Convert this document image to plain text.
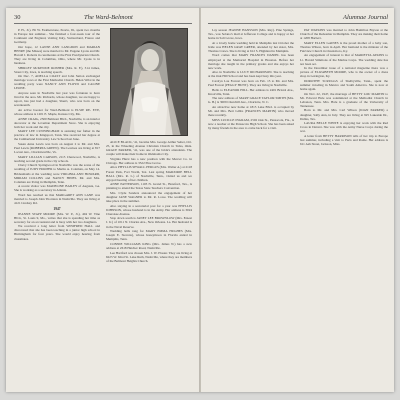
30	The Ward-Belmont	Alumnae Journal

P. H., Jr.). Eli W. Featherstone, Peoria, Ill., spent two months in Europe last summer... She finished a four-week tour of the Continent and England, visiting Italy, Switzerland, France and Germany.

Our hope, 12 LANSE ANN LANGDON and MARIAN HENRY (the Misses) were married to Mr. Eugene Lyons and Mr. Harold J. Roberts in ceremonies at the First Presbyterian Church. They are living in Columbus, Ohio, where Mr. Lyons is in business.

SHIRLEY McKENZIE ROSHER (Mrs. R. F.), 314 James, Sioux City, Iowa, is teaching speech.

On Dec. 7, ADELLA COAST and John Sutton exchanged marriage vows at the First Methodist Church. Helen Wrist in the wedding party were NANCY ANN FLOYD and CALINE LEONE.

Anyone seen in Nashville last year was fortunate to have lived in the area. Mr. Richards, whose daughter, we are happy to report, has just had a daughter, Sherri, who was born on the seventeenth.

An active booster for Ward-Belmont is ELSIE RE- EVE, whose address is 1201 E. Maple, Kansas City, Mo.

ANNE CRAIG, 2500 Belmont Blvd., Nashville, is an interior decorator at the Loveman Department Store. She is enjoying both her work and the city.

MARY LEE CUNNINGHAM is assisting her father in the practice of law in Kingsport, Tenn. She received her degree at the Cumberland University Law School last June.

Susan Anne Lewis was born on August 2 to Mr. and Mrs. Paul Lewis (ROBERTA GREEN). The Lewises are living at 817 Locust Ave., Charlottesville, Va.

MARY LILLIAN CARSON, 2115 Cheswood, Nashville, is teaching second grade in the city schools.

Chevy Church Springwood in Nashville was the scene of the wedding of JUDY HOOPER to Martin A. Coleman, on May 14. Bridesmaids at the wedding were VIRGINIA ANN HOWARD, MIRIAM COLLINS and NANCY HINES. Mr. and Mrs. Coleman are living in Memphis, Tenn.

A recent visitor was MADELINE BAILEY of Augusta, Ga. She is working as a secretary in Atlanta.

Word has reached us that MARGARET ANN LANE was married to Joseph John Thornton in Nashville. They are living at 4121 Lindsay Rd.

1947

JEANNE STAPP MOORE (Mrs. W. P., Jr.), 404 W. Vine Blvd., St. Louis 9, Mo., writes that she is spending her time as secretary for an accountant and is busy with her two daughters.

We received a long letter from WINIFRED HALL and discovered that she has been teaching in a junior high school in Birmingham for four years. She would enjoy hearing from classmates.

ALICE BLACK, '41, became Mrs. George Arthur Seiter, Oct. 25, in the Wheeling Avenue Christian Church in Tulsa, Okla. GRACE PARKER, '41, was one of the bride's attendants. The couple will make their home in Oklahoma City.

Virginia Hurst has a new position with the Mercer Co. in Chicago. Her address is 3522 Pine Grove.

Alice PHYLLIS SEWALL PERGUS (Mrs. Walter A.) at 2118 Forest Park, Fort Worth, Tex. Last spring MARJORIE BELL HALL (Mrs. R. L.) of Nashville, Tenn., visited us and we enjoyed hearing of her children.

ANNE PATTERSON, 1103 N. Grand St., Hereford, Tex., is planning to attend the Texas State Teachers Convention.

Mrs. Clyde Sanders announced the engagement of her daughter JANE WAGNER to Mr. R. Lowe. The wedding will take place in the summer.

Also staying in a secretarial post for a year was PHYLLIS JOHNSON, whose husband is in the Army. Her address is 3024 Cherokee Avenue.

Stop down south is JANET LEE BROWNLOW (Mrs. Ernest J. Jr.) of 1011 N. Charles Ave., New Orleans. La. Her husband is in the Naval Reserve.

Wedding bells rang for MARY EMMA HUGHES (Mrs. Joseph E. Stevens), whose honeymoon in Florida ended in Memphis, Tenn.

CONNIE WILLIAMS KING (Mrs. James N.) has a new address at 2618 Hatcher Road, Nashville.

Lee Hartford was chosen Mrs. J. W. Plaster. They are living at 6225 W. 62nd St. Lake Ruth, Nashville, where they are members of the Belmont Heights Church.

Lay season JEANNE HANSSON (Mrs. Ray). Pine Springs, Tex., was Solano's mail at Jefferson College and is happy at her home in Salt Grove, Iowa.

At a lovely home wedding held in Memphis last October the bride was HELEN GRAY GREER, attended by her sister, Mrs. Thomas Crews. She is living at 612 S. Highland in Memphis.

Word comes that MARY FRANCES DANIEL has been employed at the Memorial Hospital in Houston. Before her marriage she taught in the primary grades and she enjoys her new work.

Also in Nashville is LUCY RICHARDSON. She is teaching at the Oak Hill School and has been kept busy this year.

Carolyn Lou Forrest was born on Feb. 15 to Mr. and Mrs. Paul Forrest (PEGGY HUNT). They are living in Nashville.

Hello to ELEANOR HILL. Her address is 2401 Bristol Ave., Knoxville, Tenn.

The new address of MARY GRACE TAYLOR SMITH (Mrs. G. B.) is 3009 Churchill Ave., Charlotte, N. C.

An attractive new home at 1815 Lake Blvd. is occupied by Mr. and Mrs. Bert Gibbs (FRANCES MARTIN) who moved there recently.

MISS LUCILLE INGRAM, 2502 Oak St., Pensacola, Fla., is now a teacher at the Pensacola High School. She has been asked by many friends in the area to come back for a visit.

PAT WATKINS was married to John Hamilton Bryson at the Church of the Redeemer in Memphis. They are making their home at 1208 Harbert.

MARY ELLEN GAINES is the proud mother of a baby son, Thomas Wilson, born in April. Her husband is the minister of the Fairview Church in Owensboro, Ky.

An engagement of interest is that of MARIETTA ATKINS to Lt. Harold Simmons of the Marine Corps. The wedding date has not been set.

In the December issue of a national magazine there was a picture of ELIZABETH MOORE, who is the owner of a dress shop in Lexington, Ky.

DOROTHY SCRUGGS of Shelbyville, Tenn., spent the summer traveling in Mexico and South America. She is now at home again.

On Nov. 22, 1947, the marriage of BETTY LOU MARTIN to Mr. Edward Hale was solemnized at the Methodist Church in Lebanon, Tenn. Mrs. Hale is a graduate of the University of Tennessee.

Born to Mr. and Mrs. Carl Wilson (JOAN PARKER) a daughter, Sally Ann, in July. They are living at 925 Lakeside Dr., Dallas, Tex.

LAURA BELLE WHITE is enjoying her work with the Red Cross in Denver. She was with the Army Nurse Corps during the war.

A letter from BETTY HARRISON tells of her trip to Europe last summer, including a visit to Paris and Rome. Her address is 611 Ash Street, Jackson, Miss.
